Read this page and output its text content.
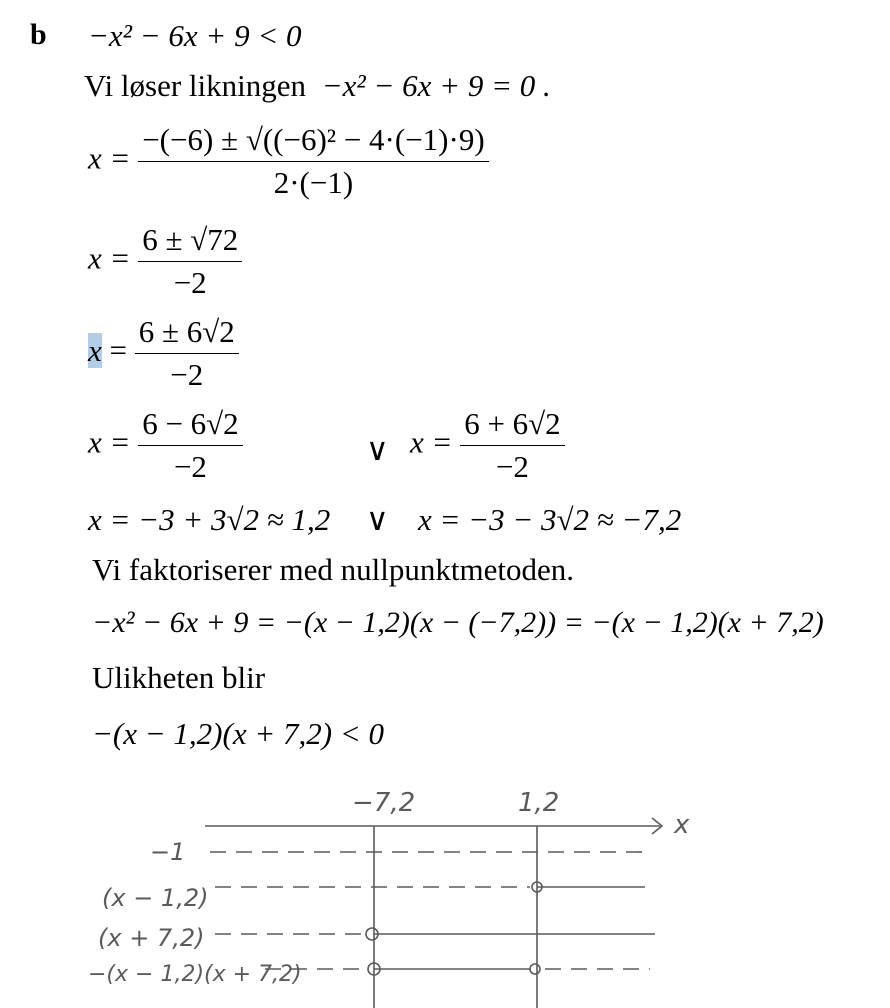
b −x² − 6x + 9 < 0
Vi løser likningen −x² − 6x + 9 = 0 .
$x = \frac{\text{−(−6) ± √((−6)² − 4·(−1)·9)}}{2\cdot(-1)}$
$x = \frac{6 \pm √72}{-2}$
$x = \frac{6 \pm 6√2}{-2}$
$x = \frac{6 - 6√2}{-2}$	∨ $x = \frac{6 + 6√2}{-2}$
x = −3 + 3√2 ≈ 1,2 ∨ x = −3 − 3√2 ≈ −7,2
Vi faktoriserer med nullpunktmetoden.
−x² − 6x + 9 = −(x − 1,2)(x − (−7,2)) = −(x − 1,2)(x + 7,2)
Ulikheten blir
−(x − 1,2)(x + 7,2) < 0
−7,2	1,2
x
−1
(x − 1,2)
(x + 7,2)
−(x − 1,2)(x + 7,2)
